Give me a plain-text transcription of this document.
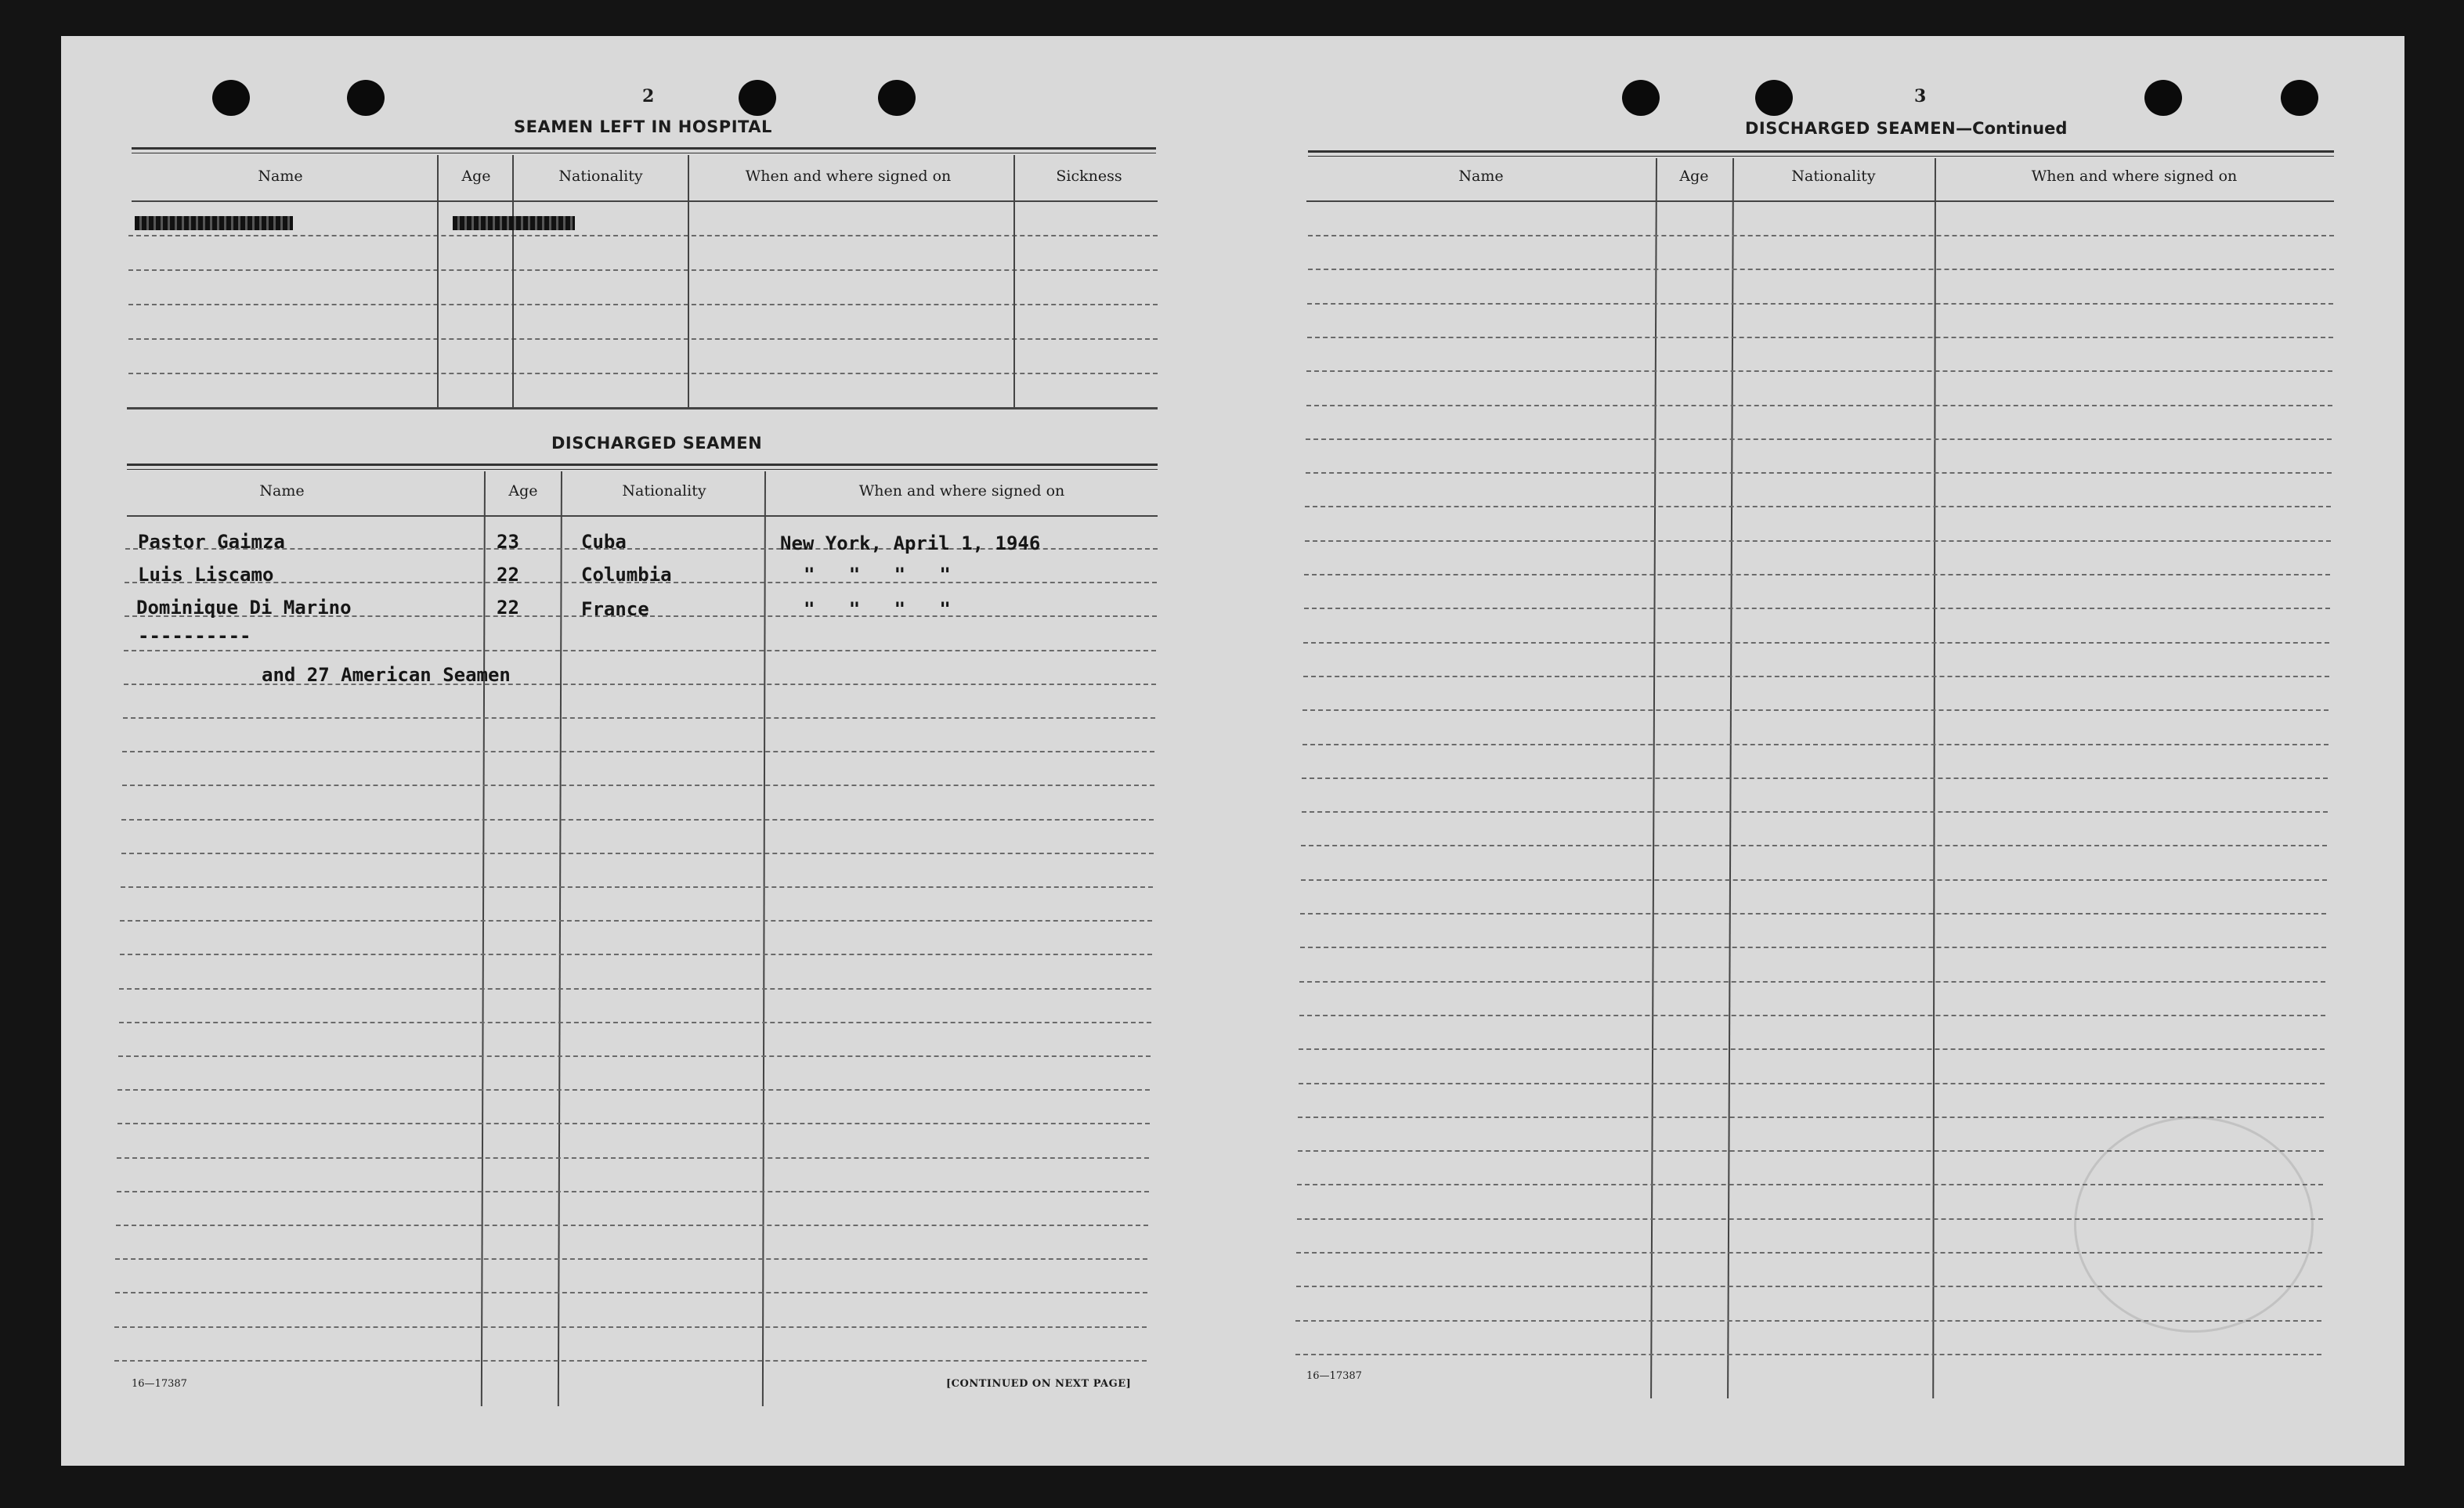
2
SEAMEN LEFT IN HOSPITAL
Name	Age	Nationality	When and where signed on	Sickness
DISCHARGED SEAMEN
Name	Age	Nationality	When and where signed on
Pastor Gaimza	23	Cuba	New York, April 1, 1946
Luis Liscamo	22	Columbia	"   "   "   "
Dominique Di Marino	22	France	"   "   "   "
----------
and 27 American Seamen
16—17387	[CONTINUED ON NEXT PAGE]
3
DISCHARGED SEAMEN—Continued
Name	Age	Nationality	When and where signed on
16—17387
